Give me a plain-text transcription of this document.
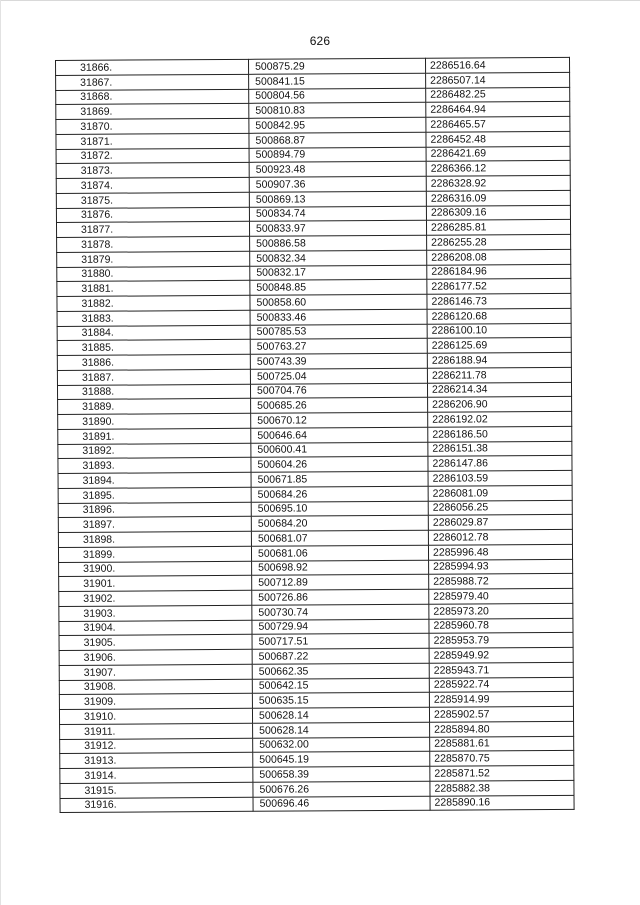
626
31866.	500875.29	2286516.64
31867.	500841.15	2286507.14
31868.	500804.56	2286482.25
31869.	500810.83	2286464.94
31870.	500842.95	2286465.57
31871.	500868.87	2286452.48
31872.	500894.79	2286421.69
31873.	500923.48	2286366.12
31874.	500907.36	2286328.92
31875.	500869.13	2286316.09
31876.	500834.74	2286309.16
31877.	500833.97	2286285.81
31878.	500886.58	2286255.28
31879.	500832.34	2286208.08
31880.	500832.17	2286184.96
31881.	500848.85	2286177.52
31882.	500858.60	2286146.73
31883.	500833.46	2286120.68
31884.	500785.53	2286100.10
31885.	500763.27	2286125.69
31886.	500743.39	2286188.94
31887.	500725.04	2286211.78
31888.	500704.76	2286214.34
31889.	500685.26	2286206.90
31890.	500670.12	2286192.02
31891.	500646.64	2286186.50
31892.	500600.41	2286151.38
31893.	500604.26	2286147.86
31894.	500671.85	2286103.59
31895.	500684.26	2286081.09
31896.	500695.10	2286056.25
31897.	500684.20	2286029.87
31898.	500681.07	2286012.78
31899.	500681.06	2285996.48
31900.	500698.92	2285994.93
31901.	500712.89	2285988.72
31902.	500726.86	2285979.40
31903.	500730.74	2285973.20
31904.	500729.94	2285960.78
31905.	500717.51	2285953.79
31906.	500687.22	2285949.92
31907.	500662.35	2285943.71
31908.	500642.15	2285922.74
31909.	500635.15	2285914.99
31910.	500628.14	2285902.57
31911.	500628.14	2285894.80
31912.	500632.00	2285881.61
31913.	500645.19	2285870.75
31914.	500658.39	2285871.52
31915.	500676.26	2285882.38
31916.	500696.46	2285890.16
